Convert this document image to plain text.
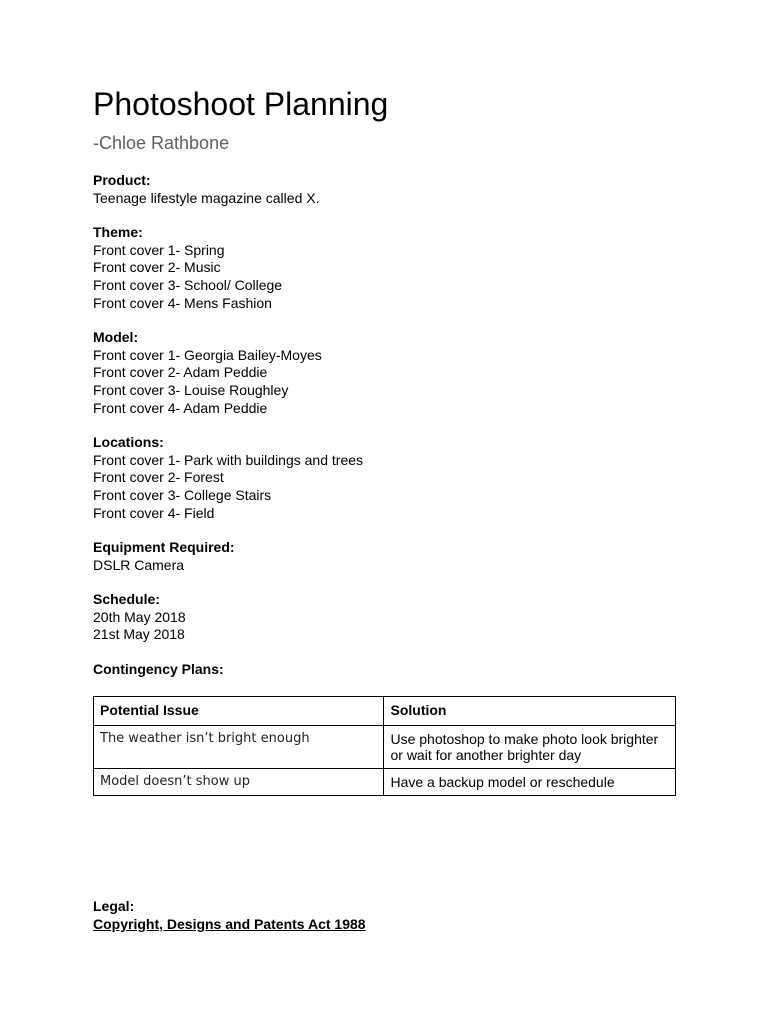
Photoshoot Planning
-Chloe Rathbone
Product:
Teenage lifestyle magazine called X.
Theme:
Front cover 1- Spring
Front cover 2- Music
Front cover 3- School/ College
Front cover 4- Mens Fashion
Model:
Front cover 1- Georgia Bailey-Moyes
Front cover 2- Adam Peddie
Front cover 3- Louise Roughley
Front cover 4- Adam Peddie
Locations:
Front cover 1- Park with buildings and trees
Front cover 2- Forest
Front cover 3- College Stairs
Front cover 4- Field
Equipment Required:
DSLR Camera
Schedule:
20th May 2018
21st May 2018
Contingency Plans:
Potential Issue	Solution
The weather isn’t bright enough	Use photoshop to make photo look brighter or wait for another brighter day
Model doesn’t show up	Have a backup model or reschedule
Legal:
Copyright, Designs and Patents Act 1988
